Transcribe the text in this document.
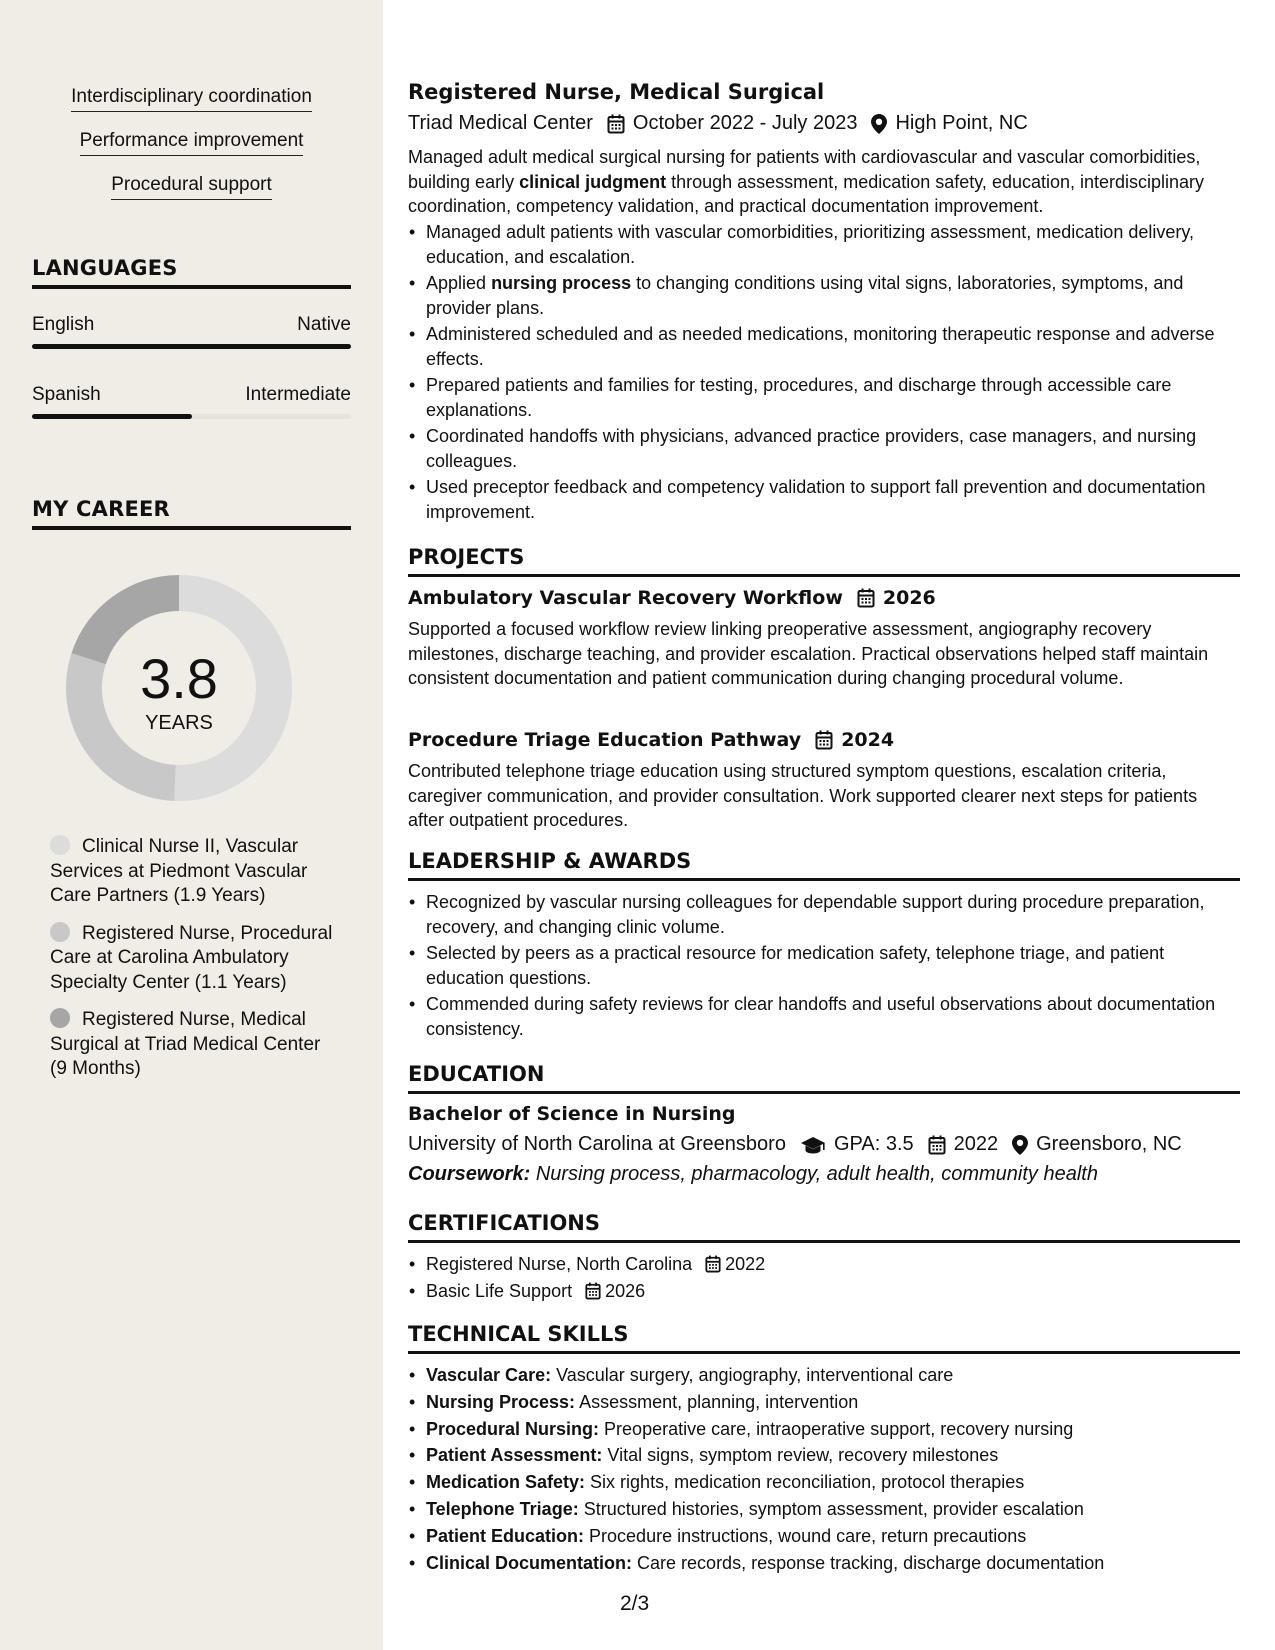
Interdisciplinary coordination
Performance improvement
Procedural support
LANGUAGES
English	Native
Spanish	Intermediate
MY CAREER
3.8
YEARS
Clinical Nurse II, Vascular Services at Piedmont Vascular Care Partners (1.9 Years)
Registered Nurse, Procedural Care at Carolina Ambulatory Specialty Center (1.1 Years)
Registered Nurse, Medical Surgical at Triad Medical Center (9 Months)
Registered Nurse, Medical Surgical
Triad Medical Center October 2022 - July 2023 High Point, NC
Managed adult medical surgical nursing for patients with cardiovascular and vascular comorbidities, building early clinical judgment through assessment, medication safety, education, interdisciplinary coordination, competency validation, and practical documentation improvement.
• Managed adult patients with vascular comorbidities, prioritizing assessment, medication delivery, education, and escalation.
• Applied nursing process to changing conditions using vital signs, laboratories, symptoms, and provider plans.
• Administered scheduled and as needed medications, monitoring therapeutic response and adverse effects.
• Prepared patients and families for testing, procedures, and discharge through accessible care explanations.
• Coordinated handoffs with physicians, advanced practice providers, case managers, and nursing colleagues.
• Used preceptor feedback and competency validation to support fall prevention and documentation improvement.
PROJECTS
Ambulatory Vascular Recovery Workflow 2026
Supported a focused workflow review linking preoperative assessment, angiography recovery milestones, discharge teaching, and provider escalation. Practical observations helped staff maintain consistent documentation and patient communication during changing procedural volume.
Procedure Triage Education Pathway 2024
Contributed telephone triage education using structured symptom questions, escalation criteria, caregiver communication, and provider consultation. Work supported clearer next steps for patients after outpatient procedures.
LEADERSHIP & AWARDS
• Recognized by vascular nursing colleagues for dependable support during procedure preparation, recovery, and changing clinic volume.
• Selected by peers as a practical resource for medication safety, telephone triage, and patient education questions.
• Commended during safety reviews for clear handoffs and useful observations about documentation consistency.
EDUCATION
Bachelor of Science in Nursing
University of North Carolina at Greensboro GPA: 3.5 2022 Greensboro, NC
Coursework:
Nursing process, pharmacology, adult health, community health
CERTIFICATIONS
• Registered Nurse, North Carolina 2022
• Basic Life Support 2026
TECHNICAL SKILLS
• Vascular Care: Vascular surgery, angiography, interventional care
• Nursing Process: Assessment, planning, intervention
• Procedural Nursing: Preoperative care, intraoperative support, recovery nursing
• Patient Assessment: Vital signs, symptom review, recovery milestones
• Medication Safety: Six rights, medication reconciliation, protocol therapies
• Telephone Triage: Structured histories, symptom assessment, provider escalation
• Patient Education: Procedure instructions, wound care, return precautions
• Clinical Documentation: Care records, response tracking, discharge documentation
2/3
